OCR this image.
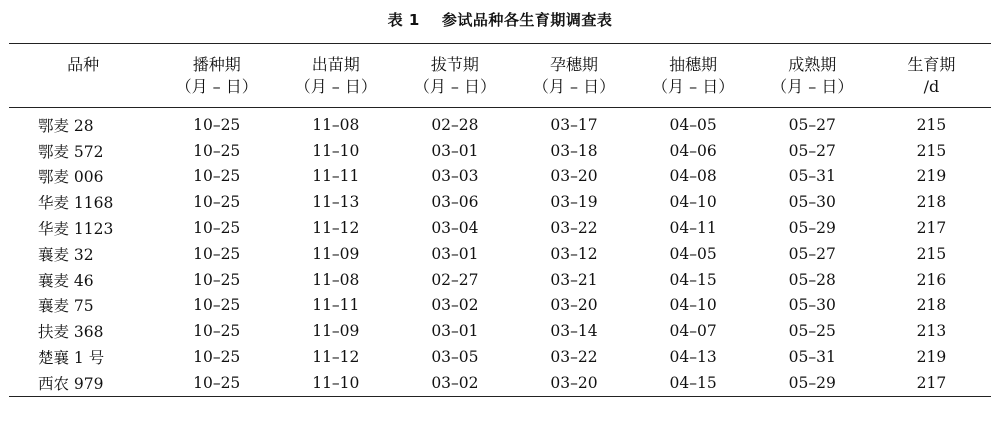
表 1 参试品种各生育期调查表
品种	播种期	出苗期	拔节期	孕穗期	抽穗期	成熟期	生育期
	（月 – 日）	（月 – 日）	（月 – 日）	（月 – 日）	（月 – 日）	（月 – 日）	/d
鄂麦 28	10–25	11–08	02–28	03–17	04–05	05–27	215
鄂麦 572	10–25	11–10	03–01	03–18	04–06	05–27	215
鄂麦 006	10–25	11–11	03–03	03–20	04–08	05–31	219
华麦 1168	10–25	11–13	03–06	03–19	04–10	05–30	218
华麦 1123	10–25	11–12	03–04	03–22	04–11	05–29	217
襄麦 32	10–25	11–09	03–01	03–12	04–05	05–27	215
襄麦 46	10–25	11–08	02–27	03–21	04–15	05–28	216
襄麦 75	10–25	11–11	03–02	03–20	04–10	05–30	218
扶麦 368	10–25	11–09	03–01	03–14	04–07	05–25	213
楚襄 1 号	10–25	11–12	03–05	03–22	04–13	05–31	219
西农 979	10–25	11–10	03–02	03–20	04–15	05–29	217
